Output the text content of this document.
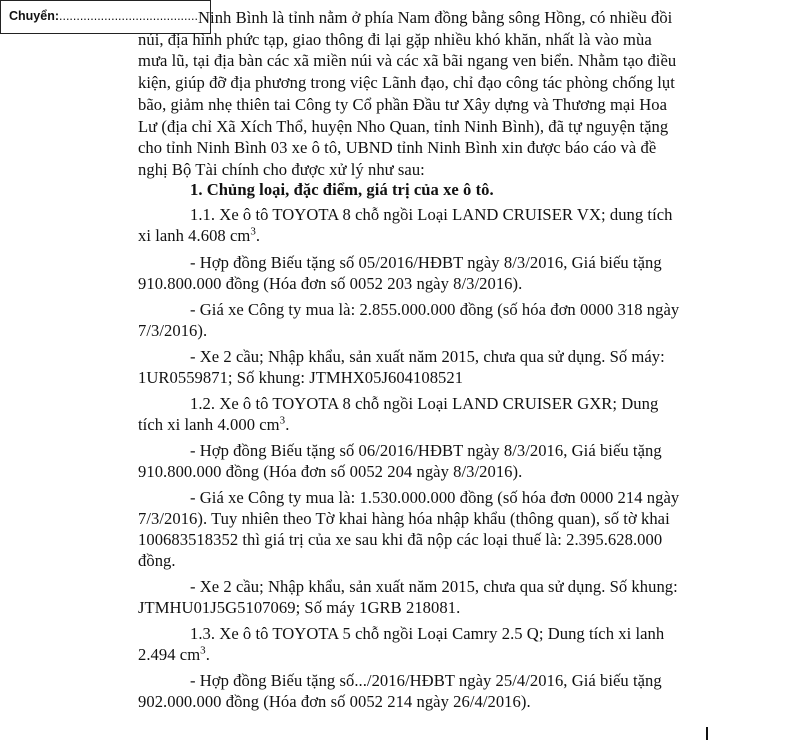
Chuyển:........................................ Ninh Bình là tỉnh nằm ở phía Nam đồng bằng sông Hồng, có nhiều đồi
núi, địa hình phức tạp, giao thông đi lại gặp nhiều khó khăn, nhất là vào mùa
mưa lũ, tại địa bàn các xã miền núi và các xã bãi ngang ven biển. Nhằm tạo điều
kiện, giúp đỡ địa phương trong việc Lãnh đạo, chỉ đạo công tác phòng chống lụt
bão, giảm nhẹ thiên tai Công ty Cổ phần Đầu tư Xây dựng và Thương mại Hoa
Lư (địa chỉ Xã Xích Thổ, huyện Nho Quan, tỉnh Ninh Bình), đã tự nguyện tặng
cho tỉnh Ninh Bình 03 xe ô tô, UBND tỉnh Ninh Bình xin được báo cáo và đề
nghị Bộ Tài chính cho được xử lý như sau:
1. Chủng loại, đặc điểm, giá trị của xe ô tô.
1.1. Xe ô tô TOYOTA 8 chỗ ngồi Loại LAND CRUISER VX; dung tích
xi lanh 4.608 $cm^3$.
- Hợp đồng Biếu tặng số 05/2016/HĐBT ngày 8/3/2016, Giá biếu tặng
910.800.000 đồng (Hóa đơn số 0052 203 ngày 8/3/2016).
- Giá xe Công ty mua là: 2.855.000.000 đồng (số hóa đơn 0000 318 ngày
7/3/2016).
- Xe 2 cầu; Nhập khẩu, sản xuất năm 2015, chưa qua sử dụng. Số máy:
1UR0559871; Số khung: JTMHX05J604108521
1.2. Xe ô tô TOYOTA 8 chỗ ngồi Loại LAND CRUISER GXR; Dung
tích xi lanh 4.000 $cm^3$.
- Hợp đồng Biếu tặng số 06/2016/HĐBT ngày 8/3/2016, Giá biếu tặng
910.800.000 đồng (Hóa đơn số 0052 204 ngày 8/3/2016).
- Giá xe Công ty mua là: 1.530.000.000 đồng (số hóa đơn 0000 214 ngày
7/3/2016). Tuy nhiên theo Tờ khai hàng hóa nhập khẩu (thông quan), số tờ khai
100683518352 thì giá trị của xe sau khi đã nộp các loại thuế là: 2.395.628.000
đồng.
- Xe 2 cầu; Nhập khẩu, sản xuất năm 2015, chưa qua sử dụng. Số khung:
JTMHU01J5G5107069; Số máy 1GRB 218081.
1.3. Xe ô tô TOYOTA 5 chỗ ngồi Loại Camry 2.5 Q; Dung tích xi lanh
2.494 $cm^3$.
- Hợp đồng Biếu tặng số.../2016/HĐBT ngày 25/4/2016, Giá biếu tặng
902.000.000 đồng (Hóa đơn số 0052 214 ngày 26/4/2016).
